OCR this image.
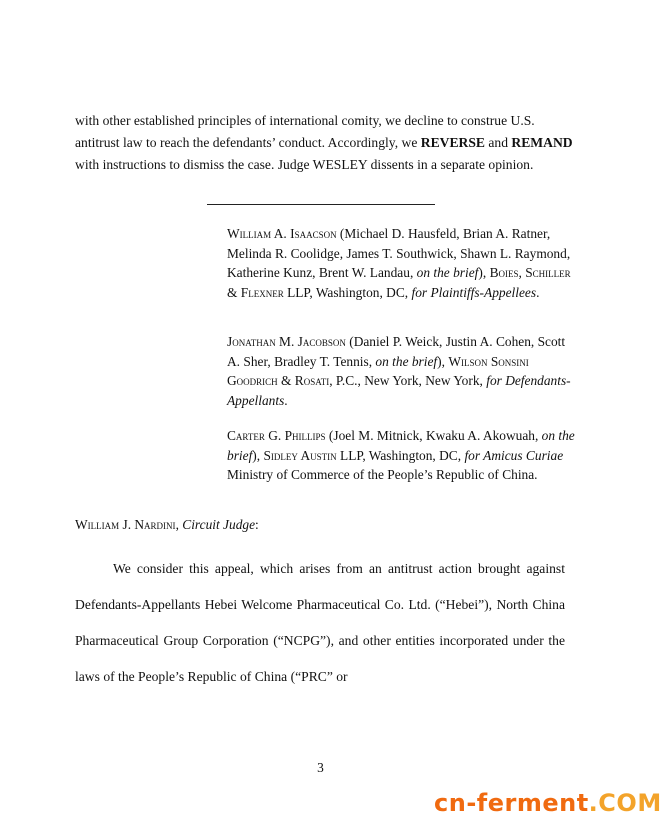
with other established principles of international comity, we decline to construe U.S. antitrust law to reach the defendants’ conduct. Accordingly, we REVERSE and REMAND with instructions to dismiss the case. Judge WESLEY dissents in a separate opinion.

William A. Isaacson (Michael D. Hausfeld, Brian A. Ratner, Melinda R. Coolidge, James T. Southwick, Shawn L. Raymond, Katherine Kunz, Brent W. Landau, on the brief), Boies, Schiller & Flexner LLP, Washington, DC, for Plaintiffs-Appellees.

Jonathan M. Jacobson (Daniel P. Weick, Justin A. Cohen, Scott A. Sher, Bradley T. Tennis, on the brief), Wilson Sonsini Goodrich & Rosati, P.C., New York, New York, for Defendants-Appellants.

Carter G. Phillips (Joel M. Mitnick, Kwaku A. Akowuah, on the brief), Sidley Austin LLP, Washington, DC, for Amicus Curiae Ministry of Commerce of the People’s Republic of China.

William J. Nardini, Circuit Judge:

We consider this appeal, which arises from an antitrust action brought against Defendants-Appellants Hebei Welcome Pharmaceutical Co. Ltd. (“Hebei”), North China Pharmaceutical Group Corporation (“NCPG”), and other entities incorporated under the laws of the People’s Republic of China (“PRC” or

3
cn-ferment.COM
